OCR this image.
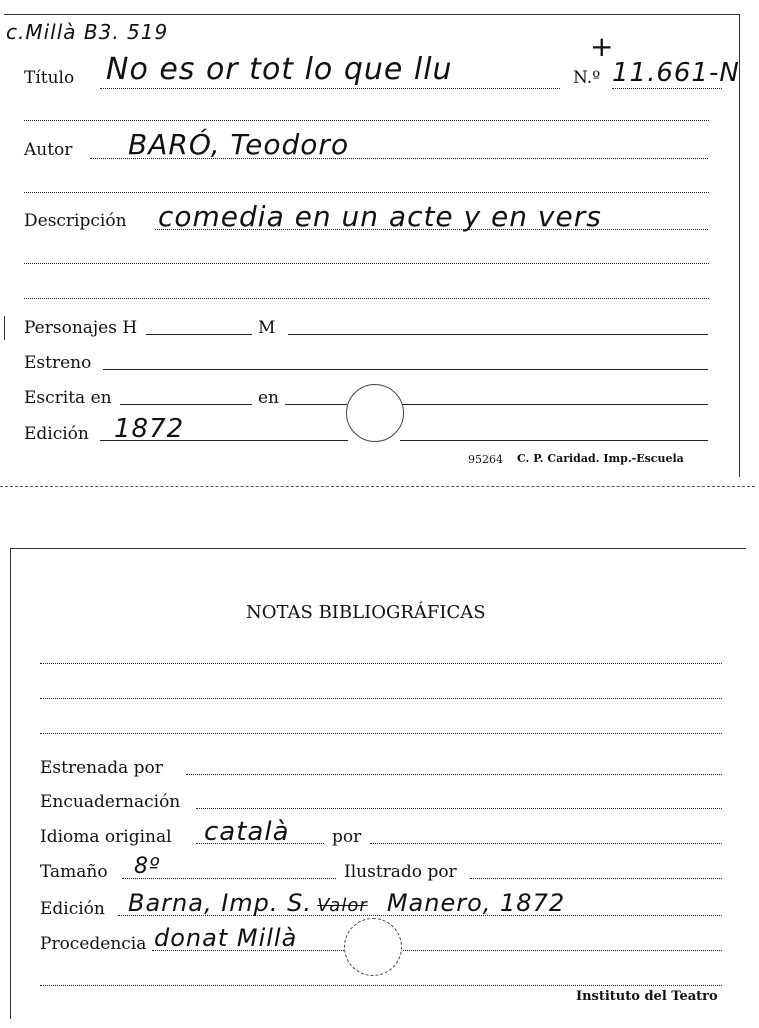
c.Millà B3. 519	+
Título No es or tot lo que llu	N.º 11.661-N
Autor BARÓ, Teodoro
Descripción comedia en un acte y en vers
Personajes H	M
Estreno
Escrita en	en
Edición 1872
95264 C. P. Caridad. Imp.-Escuela
NOTAS BIBLIOGRÁFICAS
Estrenada por
Encuadernación
Idioma original català por
Tamaño 8º	Ilustrado por
Edición Barna, Imp. S. Valor Manero, 1872
Procedencia donat Millà
Instituto del Teatro
